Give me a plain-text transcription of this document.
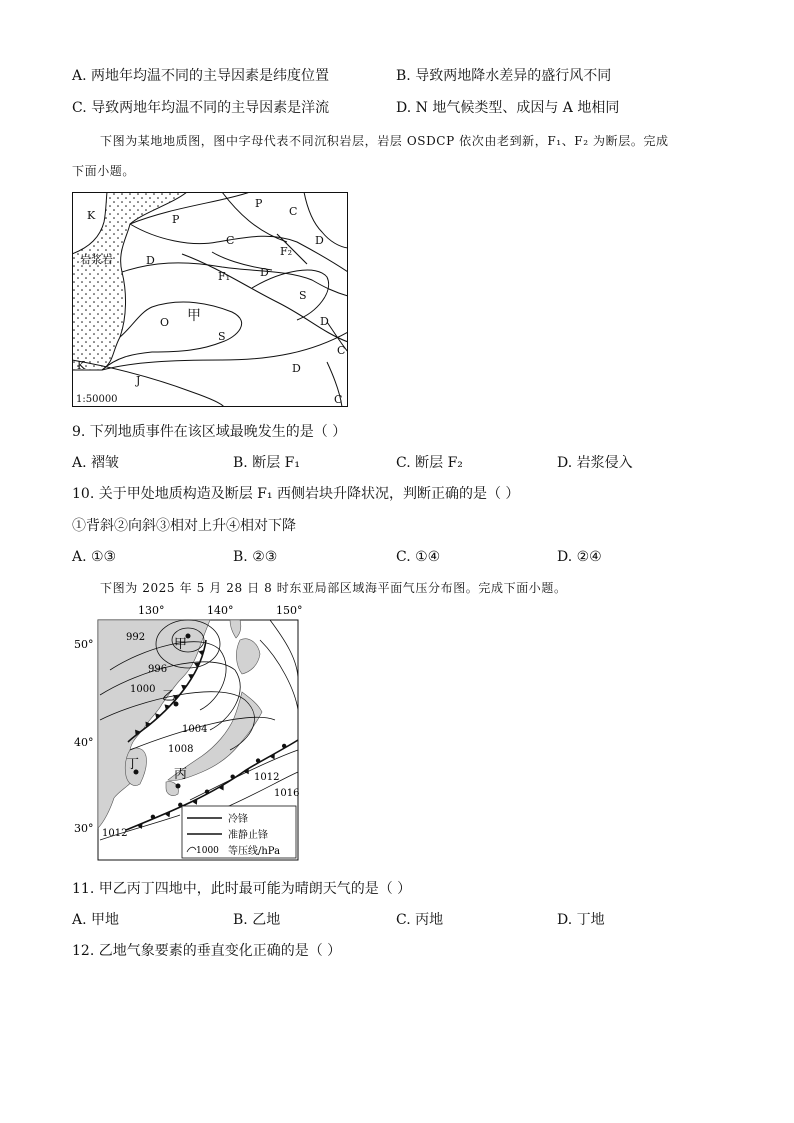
A. 两地年均温不同的主导因素是纬度位置	B. 导致两地降水差异的盛行风不同
C. 导致两地年均温不同的主导因素是洋流	D. N 地气候类型、成因与 A 地相同
下图为某地地质图，图中字母代表不同沉积岩层，岩层 OSDCP 依次由老到新，F₁、F₂ 为断层。完成
下面小题。
K	P
P
C
C	D
F₂
D
岩浆岩
F₁	D
S
甲
O	D
S
C
K	D
J
C
1:50000
9. 下列地质事件在该区域最晚发生的是（ ）
A. 褶皱	B. 断层 F₁	C. 断层 F₂	D. 岩浆侵入
10. 关于甲处地质构造及断层 F₁ 西侧岩块升降状况，判断正确的是（ ）
①背斜②向斜③相对上升④相对下降
A. ①③	B. ②③	C. ①④	D. ②④
下图为 2025 年 5 月 28 日 8 时东亚局部区域海平面气压分布图。完成下面小题。
130°	140°	150°
50°
40°
30°
992
996
1000
1004
1008
1012
1016
1012
甲
乙
丙
丁
冷锋
准静止锋
1000 等压线/hPa
11. 甲乙丙丁四地中，此时最可能为晴朗天气的是（ ）
A. 甲地	B. 乙地	C. 丙地	D. 丁地
12. 乙地气象要素的垂直变化正确的是（ ）
